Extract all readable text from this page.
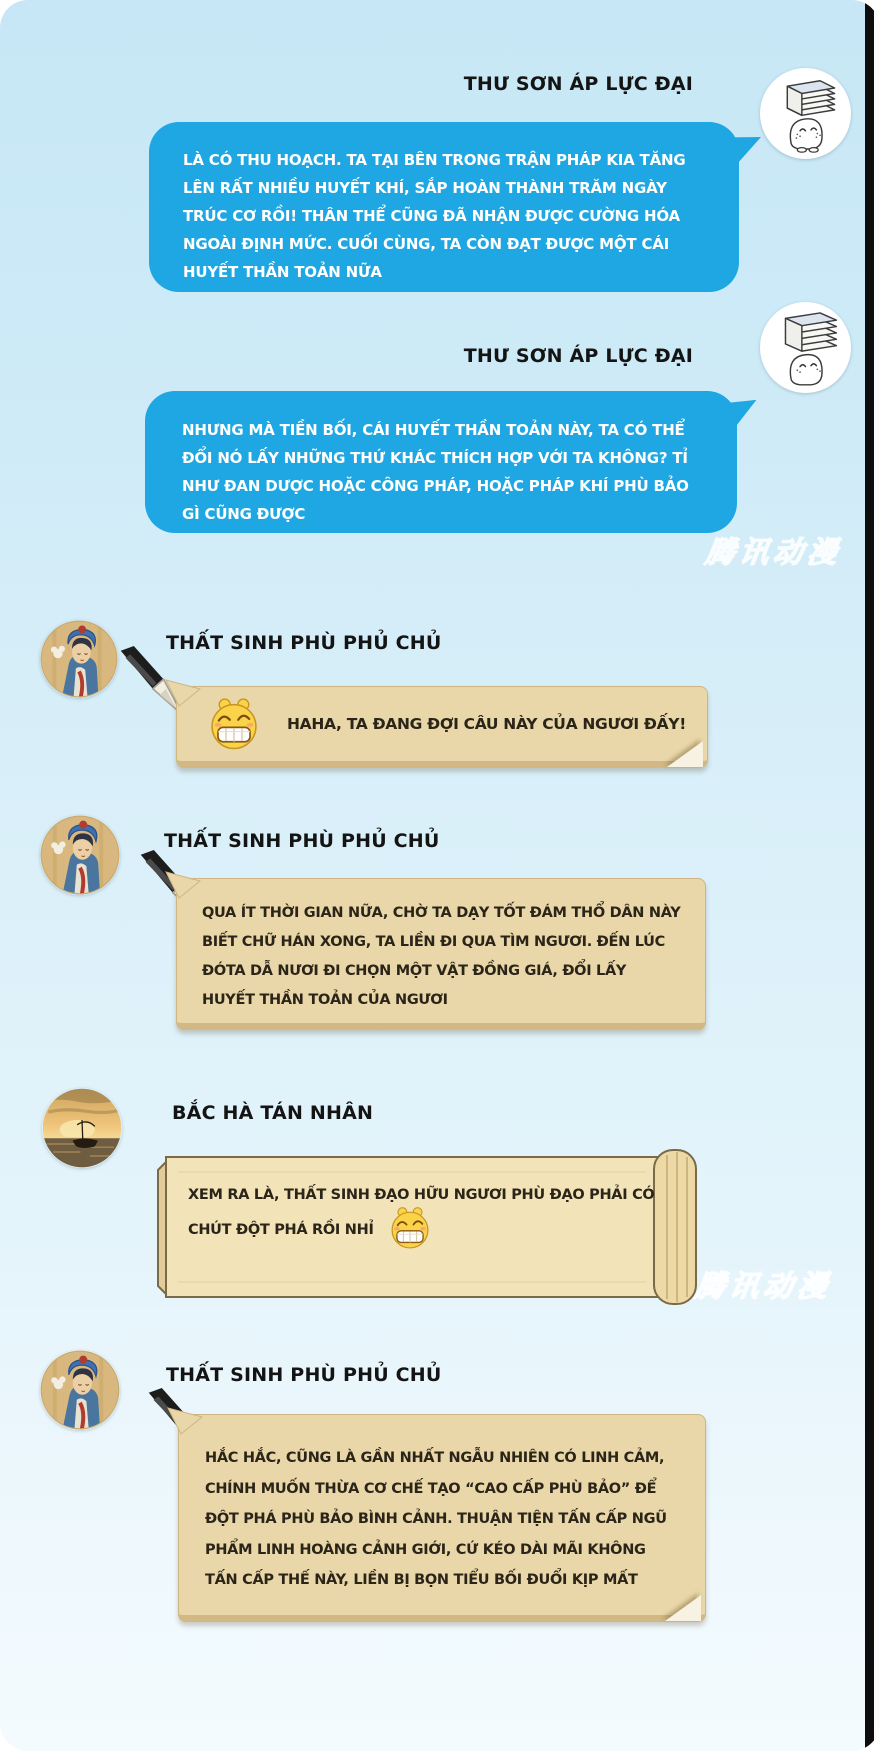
THƯ SƠN ÁP LỰC ĐẠI
LÀ CÓ THU HOẠCH. TA TẠI BÊN TRONG TRẬN PHÁP KIA TĂNG LÊN RẤT NHIỀU HUYẾT KHÍ, SẮP HOÀN THÀNH TRĂM NGÀY TRÚC CƠ RỒI! THÂN THỂ CŨNG ĐÃ NHẬN ĐƯỢC CƯỜNG HÓA NGOÀI ĐỊNH MỨC. CUỐI CÙNG, TA CÒN ĐẠT ĐƯỢC MỘT CÁI HUYẾT THẦN TOẢN NỮA
THƯ SƠN ÁP LỰC ĐẠI
NHƯNG MÀ TIỀN BỐI, CÁI HUYẾT THẦN TOẢN NÀY, TA CÓ THỂ ĐỔI NÓ LẤY NHỮNG THỨ KHÁC THÍCH HỢP VỚI TA KHÔNG? TỈ NHƯ ĐAN DƯỢC HOẶC CÔNG PHÁP, HOẶC PHÁP KHÍ PHÙ BẢO GÌ CŨNG ĐƯỢC
腾讯动漫
THẤT SINH PHÙ PHỦ CHỦ
HAHA, TA ĐANG ĐỢI CÂU NÀY CỦA NGƯƠI ĐẤY!
THẤT SINH PHÙ PHỦ CHỦ
QUA ÍT THỜI GIAN NỮA, CHỜ TA DẠY TỐT ĐÁM THỔ DÂN NÀY BIẾT CHỮ HÁN XONG, TA LIỀN ĐI QUA TÌM NGƯƠI. ĐẾN LÚC ĐÓTA DẪ NƯƠI ĐI CHỌN MỘT VẬT ĐỒNG GIÁ, ĐỔI LẤY HUYẾT THẦN TOẢN CỦA NGƯƠI
BẮC HÀ TÁN NHÂN
XEM RA LÀ, THẤT SINH ĐẠO HỮU NGƯƠI PHÙ ĐẠO PHẢI CÓ CHÚT ĐỘT PHÁ RỒI NHỈ
腾讯动漫
THẤT SINH PHÙ PHỦ CHỦ
HẮC HẮC, CŨNG LÀ GẦN NHẤT NGẪU NHIÊN CÓ LINH CẢM, CHÍNH MUỐN THỪA CƠ CHẾ TẠO “CAO CẤP PHÙ BẢO” ĐỂ ĐỘT PHÁ PHÙ BẢO BÌNH CẢNH. THUẬN TIỆN TẤN CẤP NGŨ PHẨM LINH HOÀNG CẢNH GIỚI, CỨ KÉO DÀI MÃI KHÔNG TẤN CẤP THẾ NÀY, LIỀN BỊ BỌN TIỂU BỐI ĐUỔI KỊP MẤT
